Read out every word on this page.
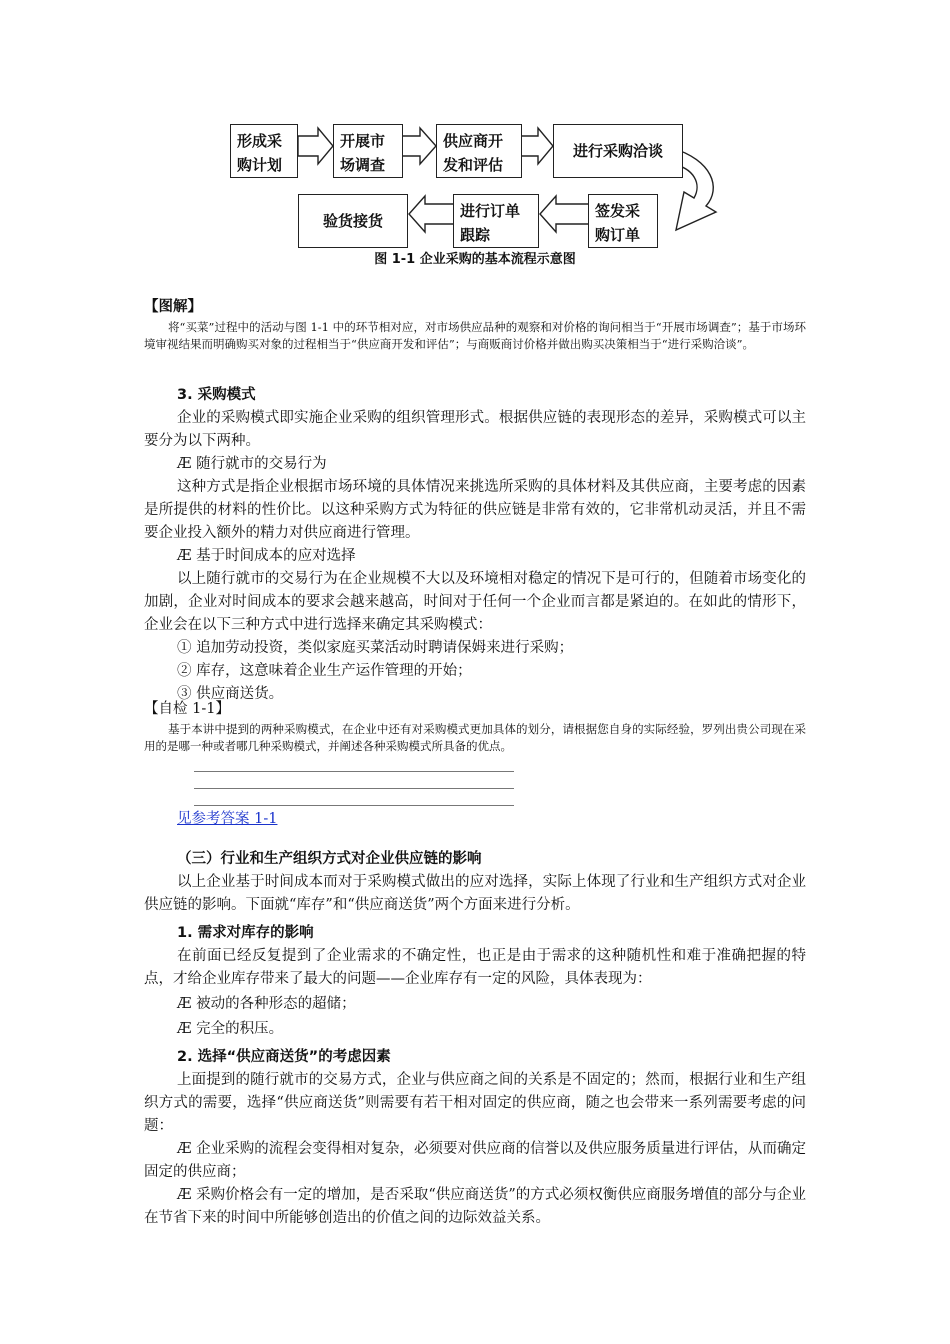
形成采购计划
开展市场调查
供应商开发和评估
进行采购洽谈
签发采购订单
进行订单跟踪
验货接货
图 1-1 企业采购的基本流程示意图
【图解】
将“买菜”过程中的活动与图 1-1 中的环节相对应，对市场供应品种的观察和对价格的询问相当于“开展市场调查”；基于市场环境审视结果而明确购买对象的过程相当于“供应商开发和评估”；与商贩商讨价格并做出购买决策相当于“进行采购洽谈”。
3. 采购模式
企业的采购模式即实施企业采购的组织管理形式。根据供应链的表现形态的差异，采购模式可以主要分为以下两种。
Æ 随行就市的交易行为
这种方式是指企业根据市场环境的具体情况来挑选所采购的具体材料及其供应商，主要考虑的因素是所提供的材料的性价比。以这种采购方式为特征的供应链是非常有效的，它非常机动灵活，并且不需要企业投入额外的精力对供应商进行管理。
Æ 基于时间成本的应对选择
以上随行就市的交易行为在企业规模不大以及环境相对稳定的情况下是可行的，但随着市场变化的加剧，企业对时间成本的要求会越来越高，时间对于任何一个企业而言都是紧迫的。在如此的情形下，企业会在以下三种方式中进行选择来确定其采购模式：
① 追加劳动投资，类似家庭买菜活动时聘请保姆来进行采购；
② 库存，这意味着企业生产运作管理的开始；
③ 供应商送货。
【自检 1-1】
基于本讲中提到的两种采购模式，在企业中还有对采购模式更加具体的划分，请根据您自身的实际经验，罗列出贵公司现在采用的是哪一种或者哪几种采购模式，并阐述各种采购模式所具备的优点。
见参考答案 1-1
（三）行业和生产组织方式对企业供应链的影响
以上企业基于时间成本而对于采购模式做出的应对选择，实际上体现了行业和生产组织方式对企业供应链的影响。下面就“库存”和“供应商送货”两个方面来进行分析。
1. 需求对库存的影响
在前面已经反复提到了企业需求的不确定性，也正是由于需求的这种随机性和难于准确把握的特点，才给企业库存带来了最大的问题——企业库存有一定的风险，具体表现为：
Æ 被动的各种形态的超储；
Æ 完全的积压。
2. 选择“供应商送货”的考虑因素
上面提到的随行就市的交易方式，企业与供应商之间的关系是不固定的；然而，根据行业和生产组织方式的需要，选择“供应商送货”则需要有若干相对固定的供应商，随之也会带来一系列需要考虑的问题：
Æ 企业采购的流程会变得相对复杂，必须要对供应商的信誉以及供应服务质量进行评估，从而确定固定的供应商；
Æ 采购价格会有一定的增加，是否采取“供应商送货”的方式必须权衡供应商服务增值的部分与企业在节省下来的时间中所能够创造出的价值之间的边际效益关系。
